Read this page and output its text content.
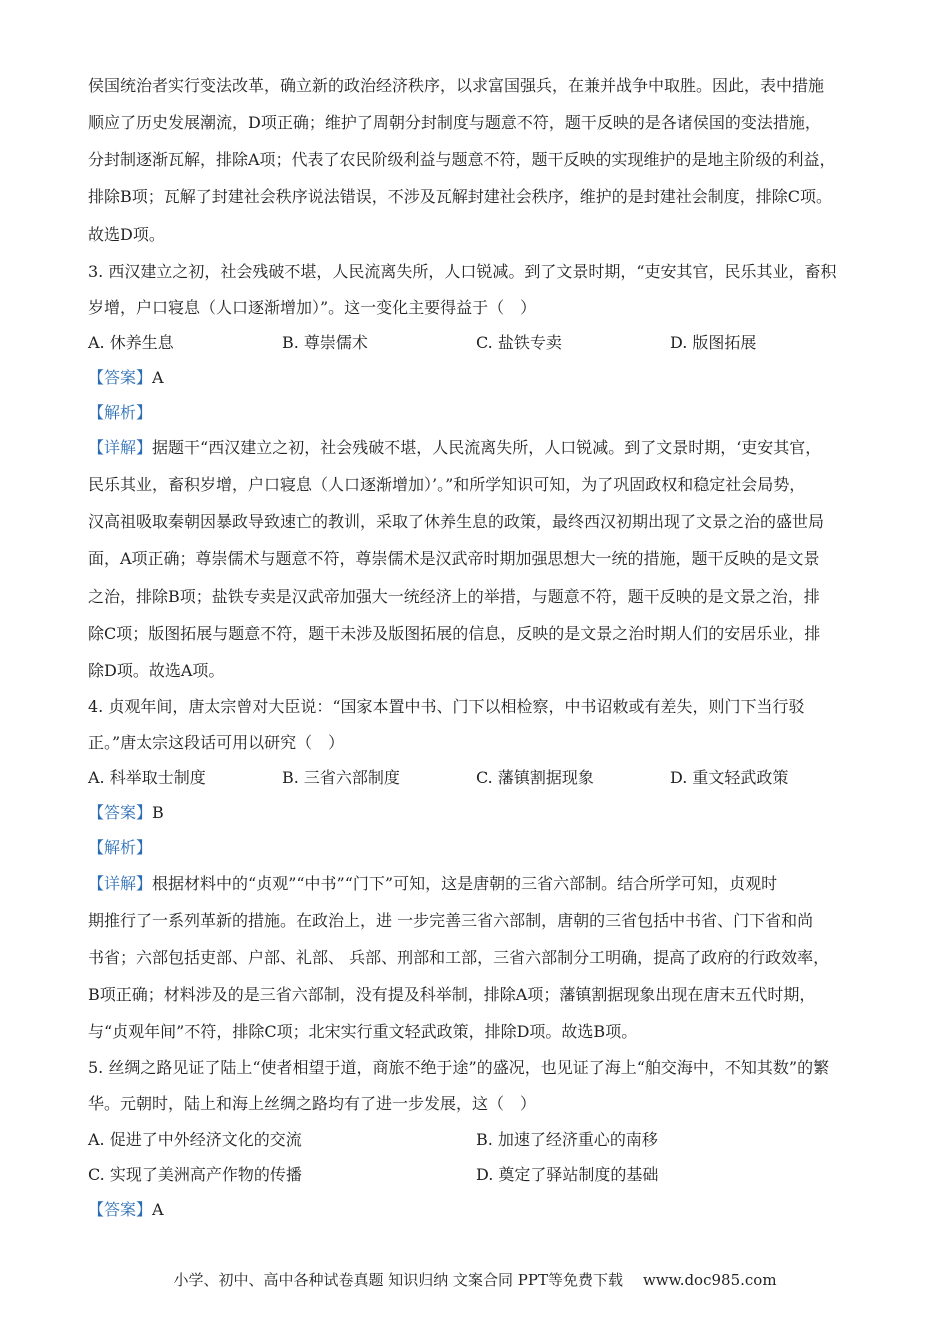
侯国统治者实行变法改革，确立新的政治经济秩序，以求富国强兵，在兼并战争中取胜。因此，表中措施
顺应了历史发展潮流，D项正确；维护了周朝分封制度与题意不符，题干反映的是各诸侯国的变法措施，
分封制逐渐瓦解，排除A项；代表了农民阶级利益与题意不符，题干反映的实现维护的是地主阶级的利益，
排除B项；瓦解了封建社会秩序说法错误，不涉及瓦解封建社会秩序，维护的是封建社会制度，排除C项。
故选D项。
3. 西汉建立之初，社会残破不堪，人民流离失所，人口锐减。到了文景时期，“吏安其官，民乐其业，畜积
岁增，户口寝息（人口逐渐增加）”。这一变化主要得益于（　）
A. 休养生息	B. 尊崇儒术	C. 盐铁专卖	D. 版图拓展
【答案】A
【解析】
【详解】据题干“西汉建立之初，社会残破不堪，人民流离失所，人口锐减。到了文景时期，‘吏安其官，
民乐其业，畜积岁增，户口寝息（人口逐渐增加）’。”和所学知识可知，为了巩固政权和稳定社会局势，
汉高祖吸取秦朝因暴政导致速亡的教训，采取了休养生息的政策，最终西汉初期出现了文景之治的盛世局
面，A项正确；尊崇儒术与题意不符，尊崇儒术是汉武帝时期加强思想大一统的措施，题干反映的是文景
之治，排除B项；盐铁专卖是汉武帝加强大一统经济上的举措，与题意不符，题干反映的是文景之治，排
除C项；版图拓展与题意不符，题干未涉及版图拓展的信息，反映的是文景之治时期人们的安居乐业，排
除D项。故选A项。
4. 贞观年间，唐太宗曾对大臣说：“国家本置中书、门下以相检察，中书诏敕或有差失，则门下当行驳
正。”唐太宗这段话可用以研究（　）
A. 科举取士制度	B. 三省六部制度	C. 藩镇割据现象	D. 重文轻武政策
【答案】B
【解析】
【详解】根据材料中的“贞观”“中书”“门下”可知，这是唐朝的三省六部制。结合所学可知，贞观时
期推行了一系列革新的措施。在政治上，进 一步完善三省六部制，唐朝的三省包括中书省、门下省和尚
书省；六部包括吏部、户部、礼部、 兵部、刑部和工部，三省六部制分工明确，提高了政府的行政效率，
B项正确；材料涉及的是三省六部制，没有提及科举制，排除A项；藩镇割据现象出现在唐末五代时期，
与“贞观年间”不符，排除C项；北宋实行重文轻武政策，排除D项。故选B项。
5. 丝绸之路见证了陆上“使者相望于道，商旅不绝于途”的盛况，也见证了海上“舶交海中，不知其数”的繁
华。元朝时，陆上和海上丝绸之路均有了进一步发展，这（　）
A. 促进了中外经济文化的交流	B. 加速了经济重心的南移
C. 实现了美洲高产作物的传播	D. 奠定了驿站制度的基础
【答案】A
小学、初中、高中各种试卷真题 知识归纳 文案合同 PPT等免费下载 www.doc985.com
